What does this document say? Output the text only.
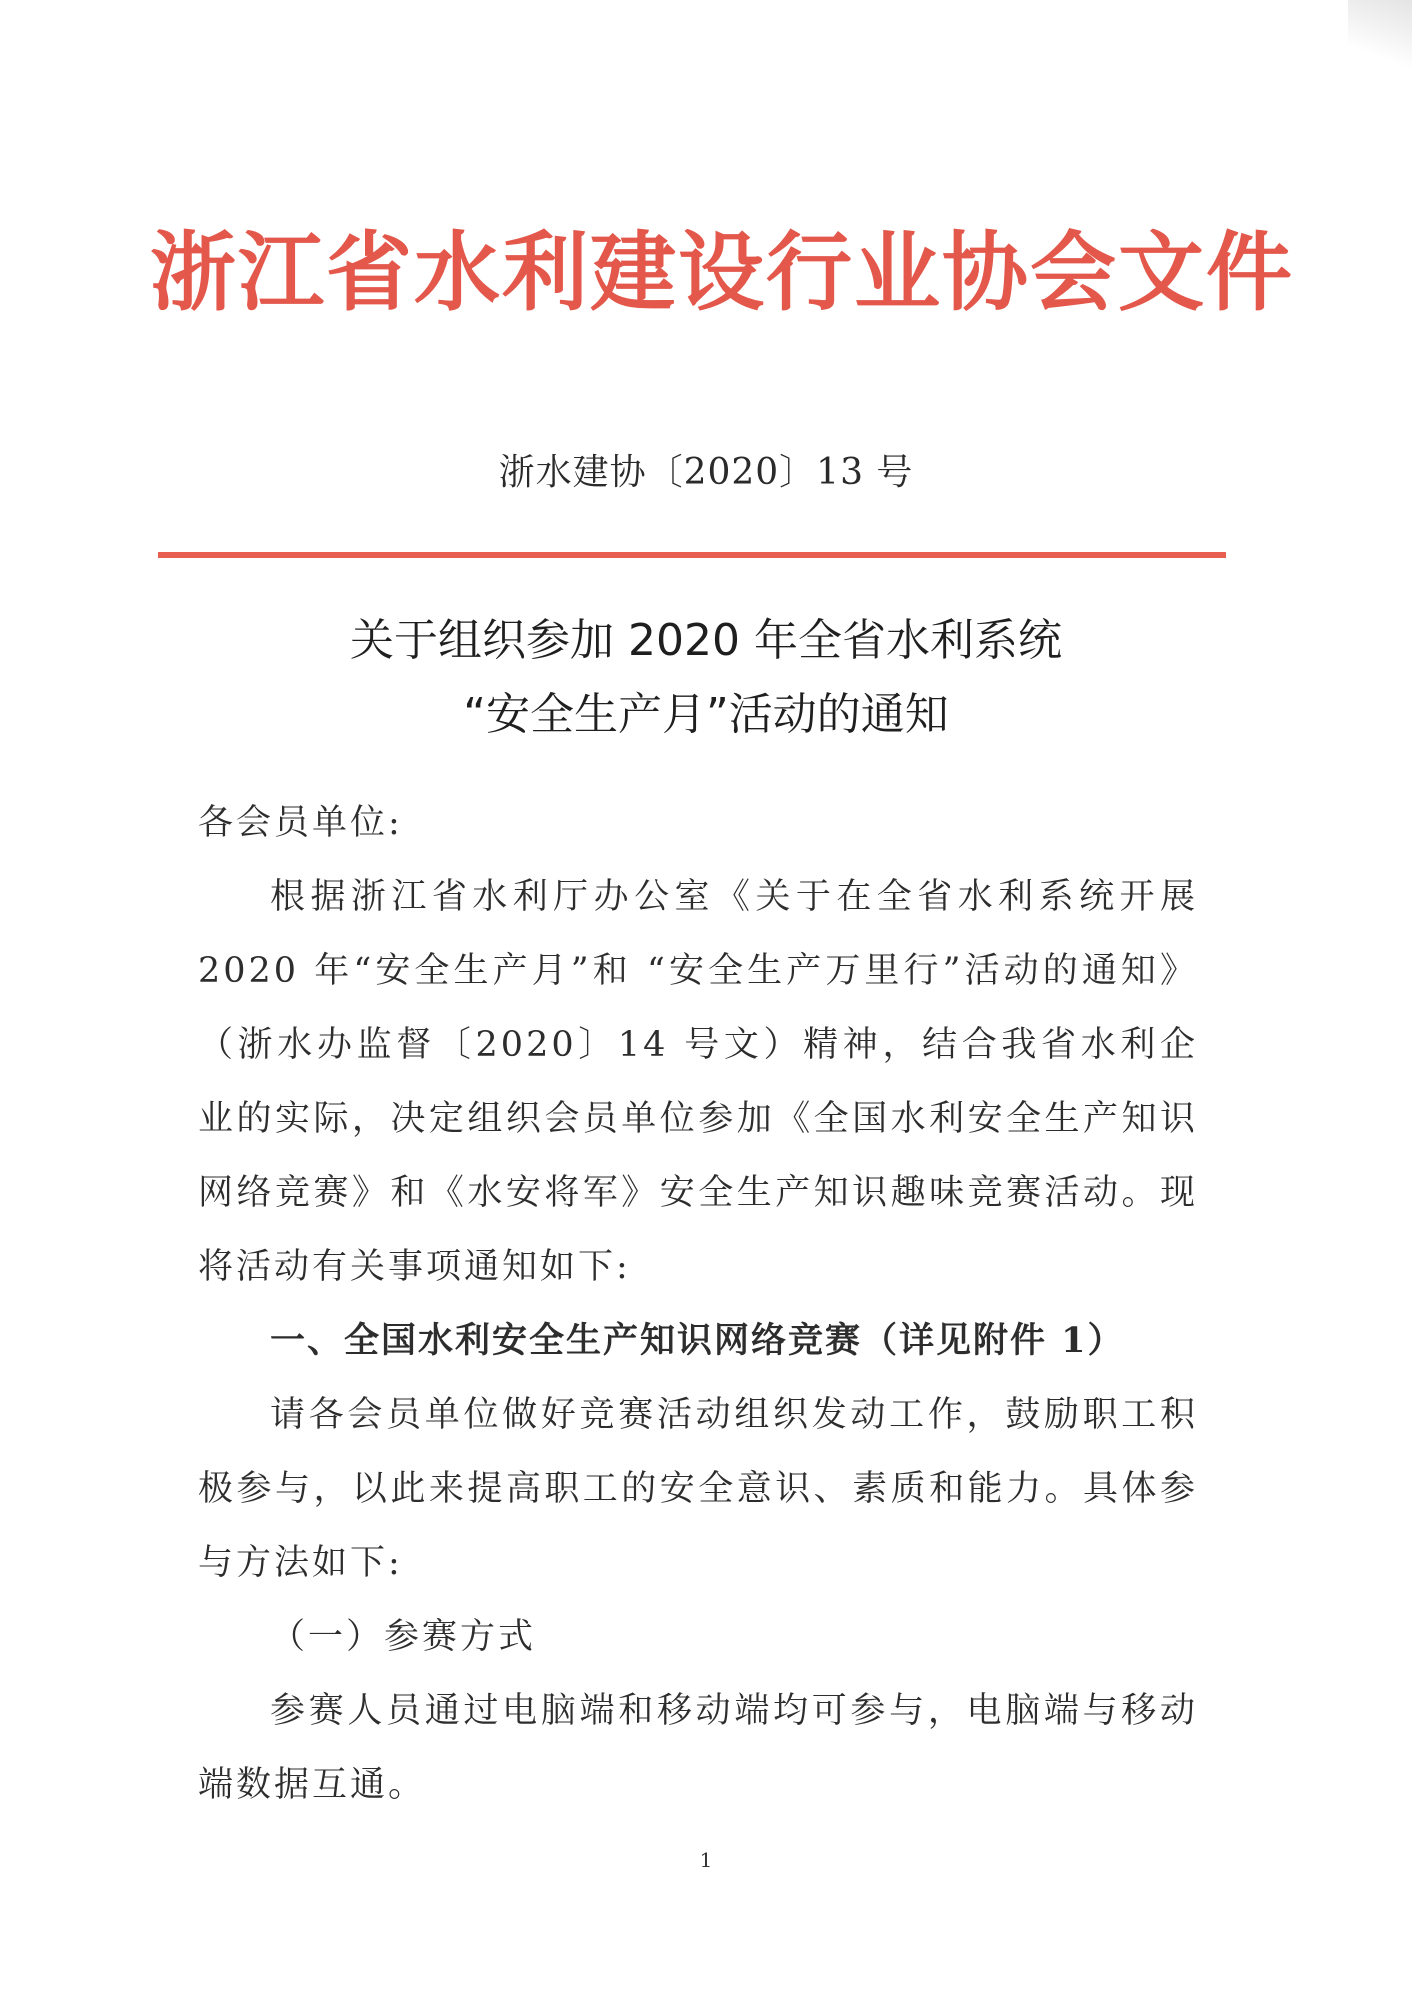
浙江省水利建设行业协会文件
浙水建协〔2020〕13 号
关于组织参加 2020 年全省水利系统
“安全生产月”活动的通知

各会员单位:

根据浙江省水利厅办公室《关于在全省水利系统开展 2020 年“安全生产月”和 “安全生产万里行”活动的通知》（浙水办监督〔2020〕14 号文）精神，结合我省水利企业的实际，决定组织会员单位参加《全国水利安全生产知识网络竞赛》和《水安将军》安全生产知识趣味竞赛活动。现将活动有关事项通知如下:

一、全国水利安全生产知识网络竞赛（详见附件 1）

请各会员单位做好竞赛活动组织发动工作，鼓励职工积极参与，以此来提高职工的安全意识、素质和能力。具体参与方法如下:

（一）参赛方式

参赛人员通过电脑端和移动端均可参与，电脑端与移动端数据互通。

1
